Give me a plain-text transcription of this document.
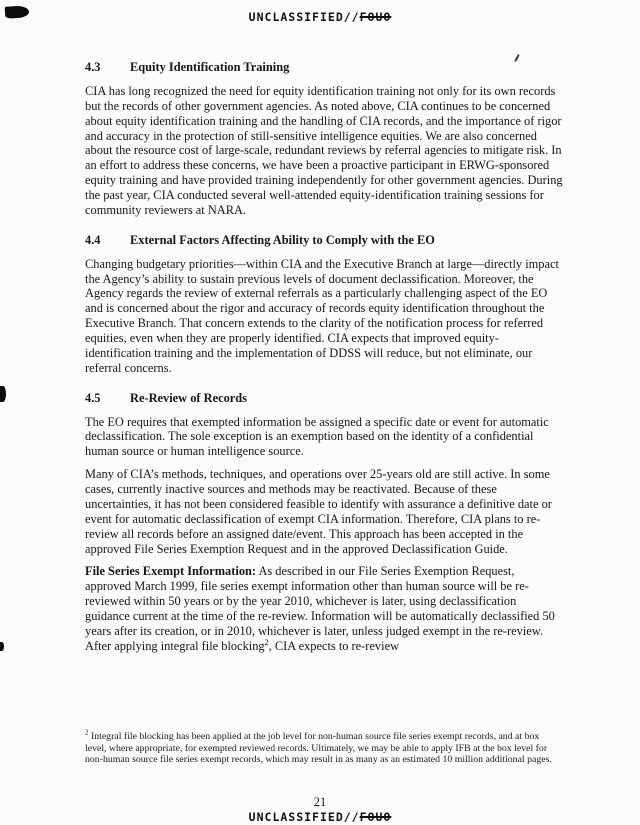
UNCLASSIFIED//FOUO
4.3 Equity Identification Training

CIA has long recognized the need for equity identification training not only for its own records but the records of other government agencies. As noted above, CIA continues to be concerned about equity identification training and the handling of CIA records, and the importance of rigor and accuracy in the protection of still-sensitive intelligence equities. We are also concerned about the resource cost of large-scale, redundant reviews by referral agencies to mitigate risk. In an effort to address these concerns, we have been a proactive participant in ERWG-sponsored equity training and have provided training independently for other government agencies. During the past year, CIA conducted several well-attended equity-identification training sessions for community reviewers at NARA.

4.4 External Factors Affecting Ability to Comply with the EO

Changing budgetary priorities—within CIA and the Executive Branch at large—directly impact the Agency’s ability to sustain previous levels of document declassification. Moreover, the Agency regards the review of external referrals as a particularly challenging aspect of the EO and is concerned about the rigor and accuracy of records equity identification throughout the Executive Branch. That concern extends to the clarity of the notification process for referred equities, even when they are properly identified. CIA expects that improved equity-identification training and the implementation of DDSS will reduce, but not eliminate, our referral concerns.

4.5 Re-Review of Records

The EO requires that exempted information be assigned a specific date or event for automatic declassification. The sole exception is an exemption based on the identity of a confidential human source or human intelligence source.

Many of CIA’s methods, techniques, and operations over 25-years old are still active. In some cases, currently inactive sources and methods may be reactivated. Because of these uncertainties, it has not been considered feasible to identify with assurance a definitive date or event for automatic declassification of exempt CIA information. Therefore, CIA plans to re-review all records before an assigned date/event. This approach has been accepted in the approved File Series Exemption Request and in the approved Declassification Guide.

File Series Exempt Information: As described in our File Series Exemption Request, approved March 1999, file series exempt information other than human source will be re-reviewed within 50 years or by the year 2010, whichever is later, using declassification guidance current at the time of the re-review. Information will be automatically declassified 50 years after its creation, or in 2010, whichever is later, unless judged exempt in the re-review. After applying integral file blocking$^2$, CIA expects to re-review

$^2$ Integral file blocking has been applied at the job level for non-human source file series exempt records, and at box level, where appropriate, for exempted reviewed records. Ultimately, we may be able to apply IFB at the box level for non-human source file series exempt records, which may result in as many as an estimated 10 million additional pages.
21
UNCLASSIFIED//FOUO
